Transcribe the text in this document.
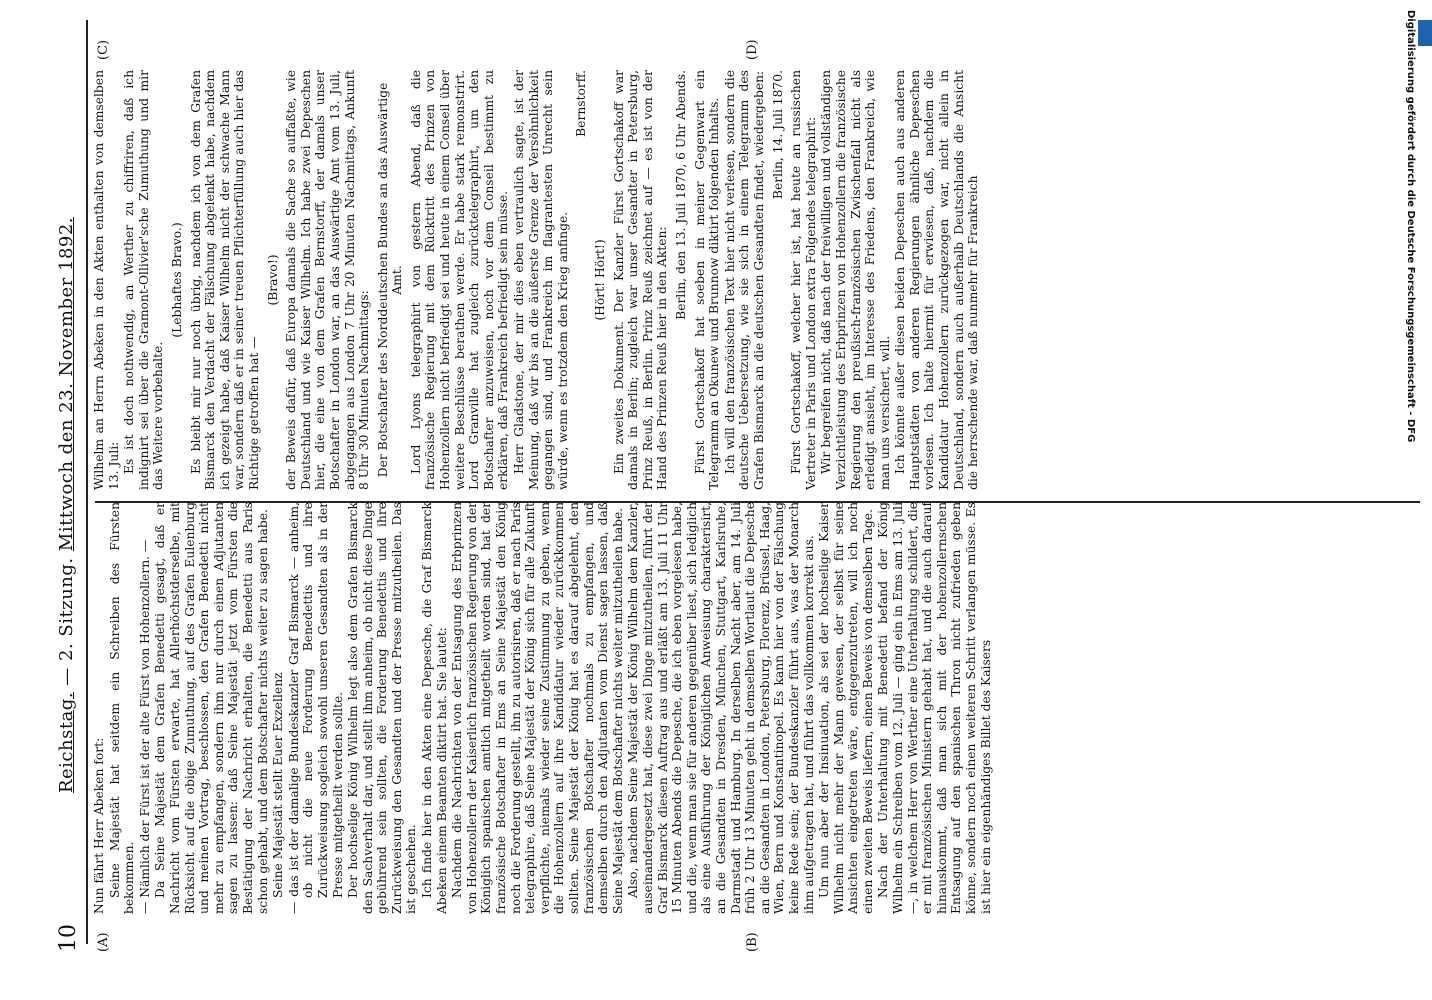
10
Reichstag. — 2. Sitzung. Mittwoch den 23. November 1892.
(A)	(B)
(C)	(D)

Nun fährt Herr Abeken fort: Seine Majestät hat seitdem ein Schreiben des Fürsten bekommen. — Nämlich der Fürst ist der alte Fürst von Hohenzollern. — Da Seine Majestät dem Grafen Benedetti gesagt, daß er Nachricht vom Fürsten erwarte, hat Allerhöchstderselbe, mit Rücksicht auf die obige Zumuthung, auf des Grafen Eulenburg und meinen Vortrag, beschlossen, den Grafen Benedetti nicht mehr zu empfangen, sondern ihm nur durch einen Adjutanten sagen zu lassen: daß Seine Majestät jetzt vom Fürsten die Bestätigung der Nachricht erhalten, die Benedetti aus Paris schon gehabt, und dem Botschafter nichts weiter zu sagen habe. Seine Majestät stellt Euer Exzellenz — das ist der damalige Bundeskanzler Graf Bismarck — anheim, ob nicht die neue Forderung Benedettis und ihre Zurückweisung sogleich sowohl unseren Gesandten als in der Presse mitgetheilt werden sollte. Der hochselige König Wilhelm legt also dem Grafen Bismarck den Sachverhalt dar, und stellt ihm anheim, ob nicht diese Dinge gebührend sein sollten, die Forderung Benedettis und ihre Zurückweisung den Gesandten und der Presse mitzutheilen. Das ist geschehen. Ich finde hier in den Akten eine Depesche, die Graf Bismarck Abeken einem Beamten diktirt hat. Sie lautet: Nachdem die Nachrichten von der Entsagung des Erbprinzen von Hohenzollern der Kaiserlich französischen Regierung von der Königlich spanischen amtlich mitgetheilt worden sind, hat der französische Botschafter in Ems an Seine Majestät den König noch die Forderung gestellt, ihn zu autorisiren, daß er nach Paris telegraphire, daß Seine Majestät der König sich für alle Zukunft verpflichte, niemals wieder seine Zustimmung zu geben, wenn die Hohenzollern auf ihre Kandidatur wieder zurückkommen sollten. Seine Majestät der König hat es darauf abgelehnt, den französischen Botschafter nochmals zu empfangen, und demselben durch den Adjutanten vom Dienst sagen lassen, daß Seine Majestät dem Botschafter nichts weiter mitzutheilen habe. Also, nachdem Seine Majestät der König Wilhelm dem Kanzler, auseinandergesetzt hat, diese zwei Dinge mitzutheilen, führt der Graf Bismarck diesen Auftrag aus und erläßt am 13. Juli 11 Uhr 15 Minuten Abends die Depesche, die ich eben vorgelesen habe, und die, wenn man sie für anderen gegenüber liest, sich lediglich als eine Ausführung der Königlichen Anweisung charakterisirt, an die Gesandten in Dresden, München, Stuttgart, Karlsruhe, Darmstadt und Hamburg. In derselben Nacht aber, am 14. Juli früh 2 Uhr 13 Minuten geht in demselben Wortlaut die Depesche an die Gesandten in London, Petersburg, Florenz, Brüssel, Haag, Wien, Bern und Konstantinopel. Es kann hier von der Fälschung keine Rede sein; der Bundeskanzler führt aus, was der Monarch ihm aufgetragen hat, und führt das vollkommen korrekt aus. Um nun aber der Insinuation, als sei der hochselige Kaiser Wilhelm nicht mehr der Mann gewesen, der selbst für seine Ansichten eingetreten wäre, entgegenzutreten, will ich noch einen zweiten Beweis liefern, einen Beweis von demselben Tage. Nach der Unterhaltung mit Benedetti befand der König Wilhelm ein Schreiben vom 12. Juli — ging ein in Ems am 13. Juli —, in welchem Herr von Werther eine Unterhaltung schildert, die er mit französischen Ministern gehabt hat, und die auch darauf hinauskommt, daß man sich mit der hohenzollernschen Entsagung auf den spanischen Thron nicht zufrieden geben könne, sondern noch einen weiteren Schritt verlangen müsse. Es ist hier ein eigenhändiges Billet des Kaisers

Wilhelm an Herrn Abeken in den Akten enthalten von demselben 13. Juli: Es ist doch nothwendig, an Werther zu chiffriren, daß ich indignirt sei über die Gramont-Ollivier'sche Zumuthung und mir das Weitere vorbehalte.

(Lebhaftes Bravo.) Es bleibt mir nur noch übrig, nachdem ich von dem Grafen Bismarck den Verdacht der Fälschung abgelenkt habe, nachdem ich gezeigt habe, daß Kaiser Wilhelm nicht der schwache Mann war, sondern daß er in seiner treuen Pflichterfüllung auch hier das Richtige getroffen hat —

(Bravo!) der Beweis dafür, daß Europa damals die Sache so auffaßte, wie Deutschland und wie Kaiser Wilhelm. Ich habe zwei Depeschen hier, die eine von dem Grafen Bernstorff, der damals unser Botschafter in London war, an das Auswärtige Amt vom 13. Juli, abgegangen aus London 7 Uhr 20 Minuten Nachmittags, Ankunft 8 Uhr 30 Minuten Nachmittags: Der Botschafter des Norddeutschen Bundes an das Auswärtige Amt. Lord Lyons telegraphirt von gestern Abend, daß die französische Regierung mit dem Rücktritt des Prinzen von Hohenzollern nicht befriedigt sei und heute in einem Conseil über weitere Beschlüsse berathen werde. Er habe stark remonstrirt. Lord Granville hat zugleich zurücktelegraphirt, um den Botschafter anzuweisen, noch vor dem Conseil bestimmt zu erklären, daß Frankreich befriedigt sein müsse. Herr Gladstone, der mir dies eben vertraulich sagte, ist der Meinung, daß wir bis an die äußerste Grenze der Versöhnlichkeit gegangen sind, und Frankreich im flagrantesten Unrecht sein würde, wenn es trotzdem den Krieg anfinge.

Bernstorff.

(Hört! Hört!) Ein zweites Dokument. Der Kanzler Fürst Gortschakoff war damals in Berlin; zugleich war unser Gesandter in Petersburg, Prinz Reuß, in Berlin. Prinz Reuß zeichnet auf — es ist von der Hand des Prinzen Reuß hier in den Akten:

Berlin, den 13. Juli 1870, 6 Uhr Abends. Fürst Gortschakoff hat soeben in meiner Gegenwart ein Telegramm an Okunew und Brunnow diktirt folgenden Inhalts. Ich will den französischen Text hier nicht verlesen, sondern die deutsche Uebersetzung, wie sie sich in einem Telegramm des Grafen Bismarck an die deutschen Gesandten findet, wiedergeben: Berlin, 14. Juli 1870. Fürst Gortschakoff, welcher hier ist, hat heute an russischen Vertreter in Paris und London extra Folgendes telegraphirt: Wir begreifen nicht, daß nach der freiwilligen und vollständigen Verzichtleistung des Erbprinzen von Hohenzollern die französische Regierung den preußisch-französischen Zwischenfall nicht als erledigt ansieht, im Interesse des Friedens, den Frankreich, wie man uns versichert, will. Ich könnte außer diesen beiden Depeschen auch aus anderen Hauptstädten von anderen Regierungen ähnliche Depeschen vorlesen. Ich halte hiermit für erwiesen, daß, nachdem die Kandidatur Hohenzollern zurückgezogen war, nicht allein in Deutschland, sondern auch außerhalb Deutschlands die Ansicht die herrschende war, daß nunmehr für Frankreich	Digitalisierung gefördert durch die Deutsche Forschungsgemeinschaft - DFG
